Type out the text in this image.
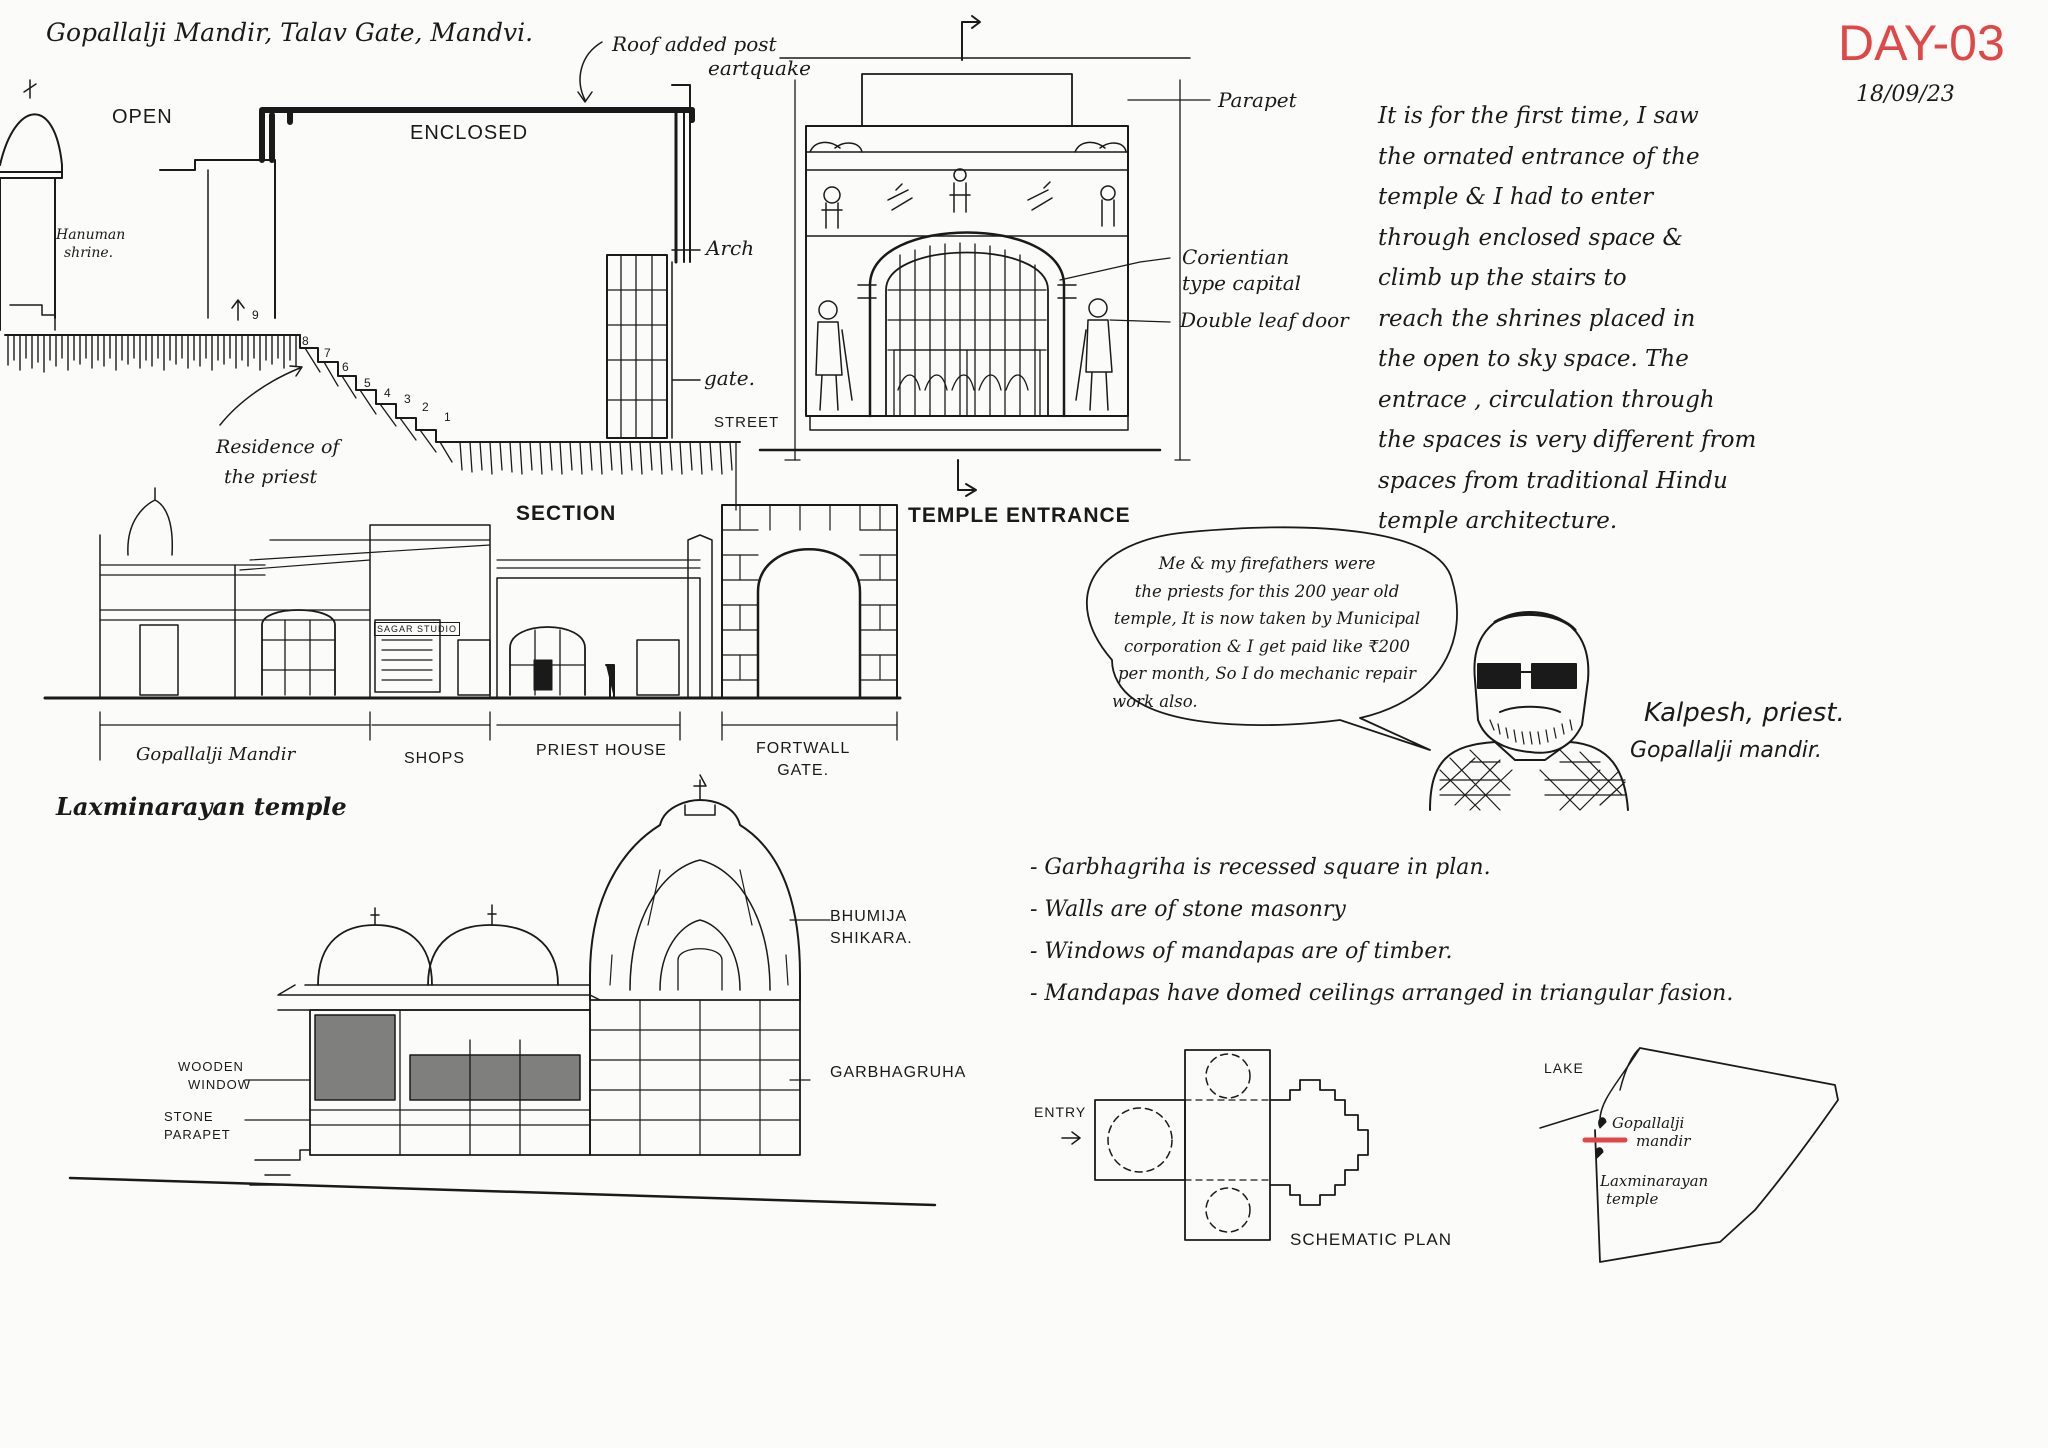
Gopallalji Mandir, Talav Gate, Mandvi.	DAY-03
18/09/23
OPEN
ENCLOSED
Roof added post
eartquake
Hanuman
shrine.	Arch
gate.
STREET
Residence of
the priest
9
8
7
6
5
4 3
2
1
SECTION
Parapet
Corientian
type capital
Double leaf door
TEMPLE ENTRANCE
It is for the first time, I saw
the ornated entrance of the
temple & I had to enter
through enclosed space &
climb up the stairs to
reach the shrines placed in
the open to sky space. The
entrace , circulation through
the spaces is very different from
spaces from traditional Hindu
temple architecture.
SAGAR STUDIO
Gopallalji Mandir	SHOPS	PRIEST HOUSE	FORTWALL
GATE.
Me & my firefathers were
the priests for this 200 year old
temple, It is now taken by Municipal
corporation & I get paid like ₹200
per month, So I do mechanic repair
work also.	Kalpesh, priest.
Gopallalji mandir.
Laxminarayan temple
BHUMIJA
SHIKARA.
GARBHAGRUHA
WOODEN
WINDOW
STONE
PARAPET
- Garbhagriha is recessed square in plan.
- Walls are of stone masonry
- Windows of mandapas are of timber.
- Mandapas have domed ceilings arranged in triangular fasion.
ENTRY
SCHEMATIC PLAN
LAKE
Gopallalji
mandir
Laxminarayan
temple
